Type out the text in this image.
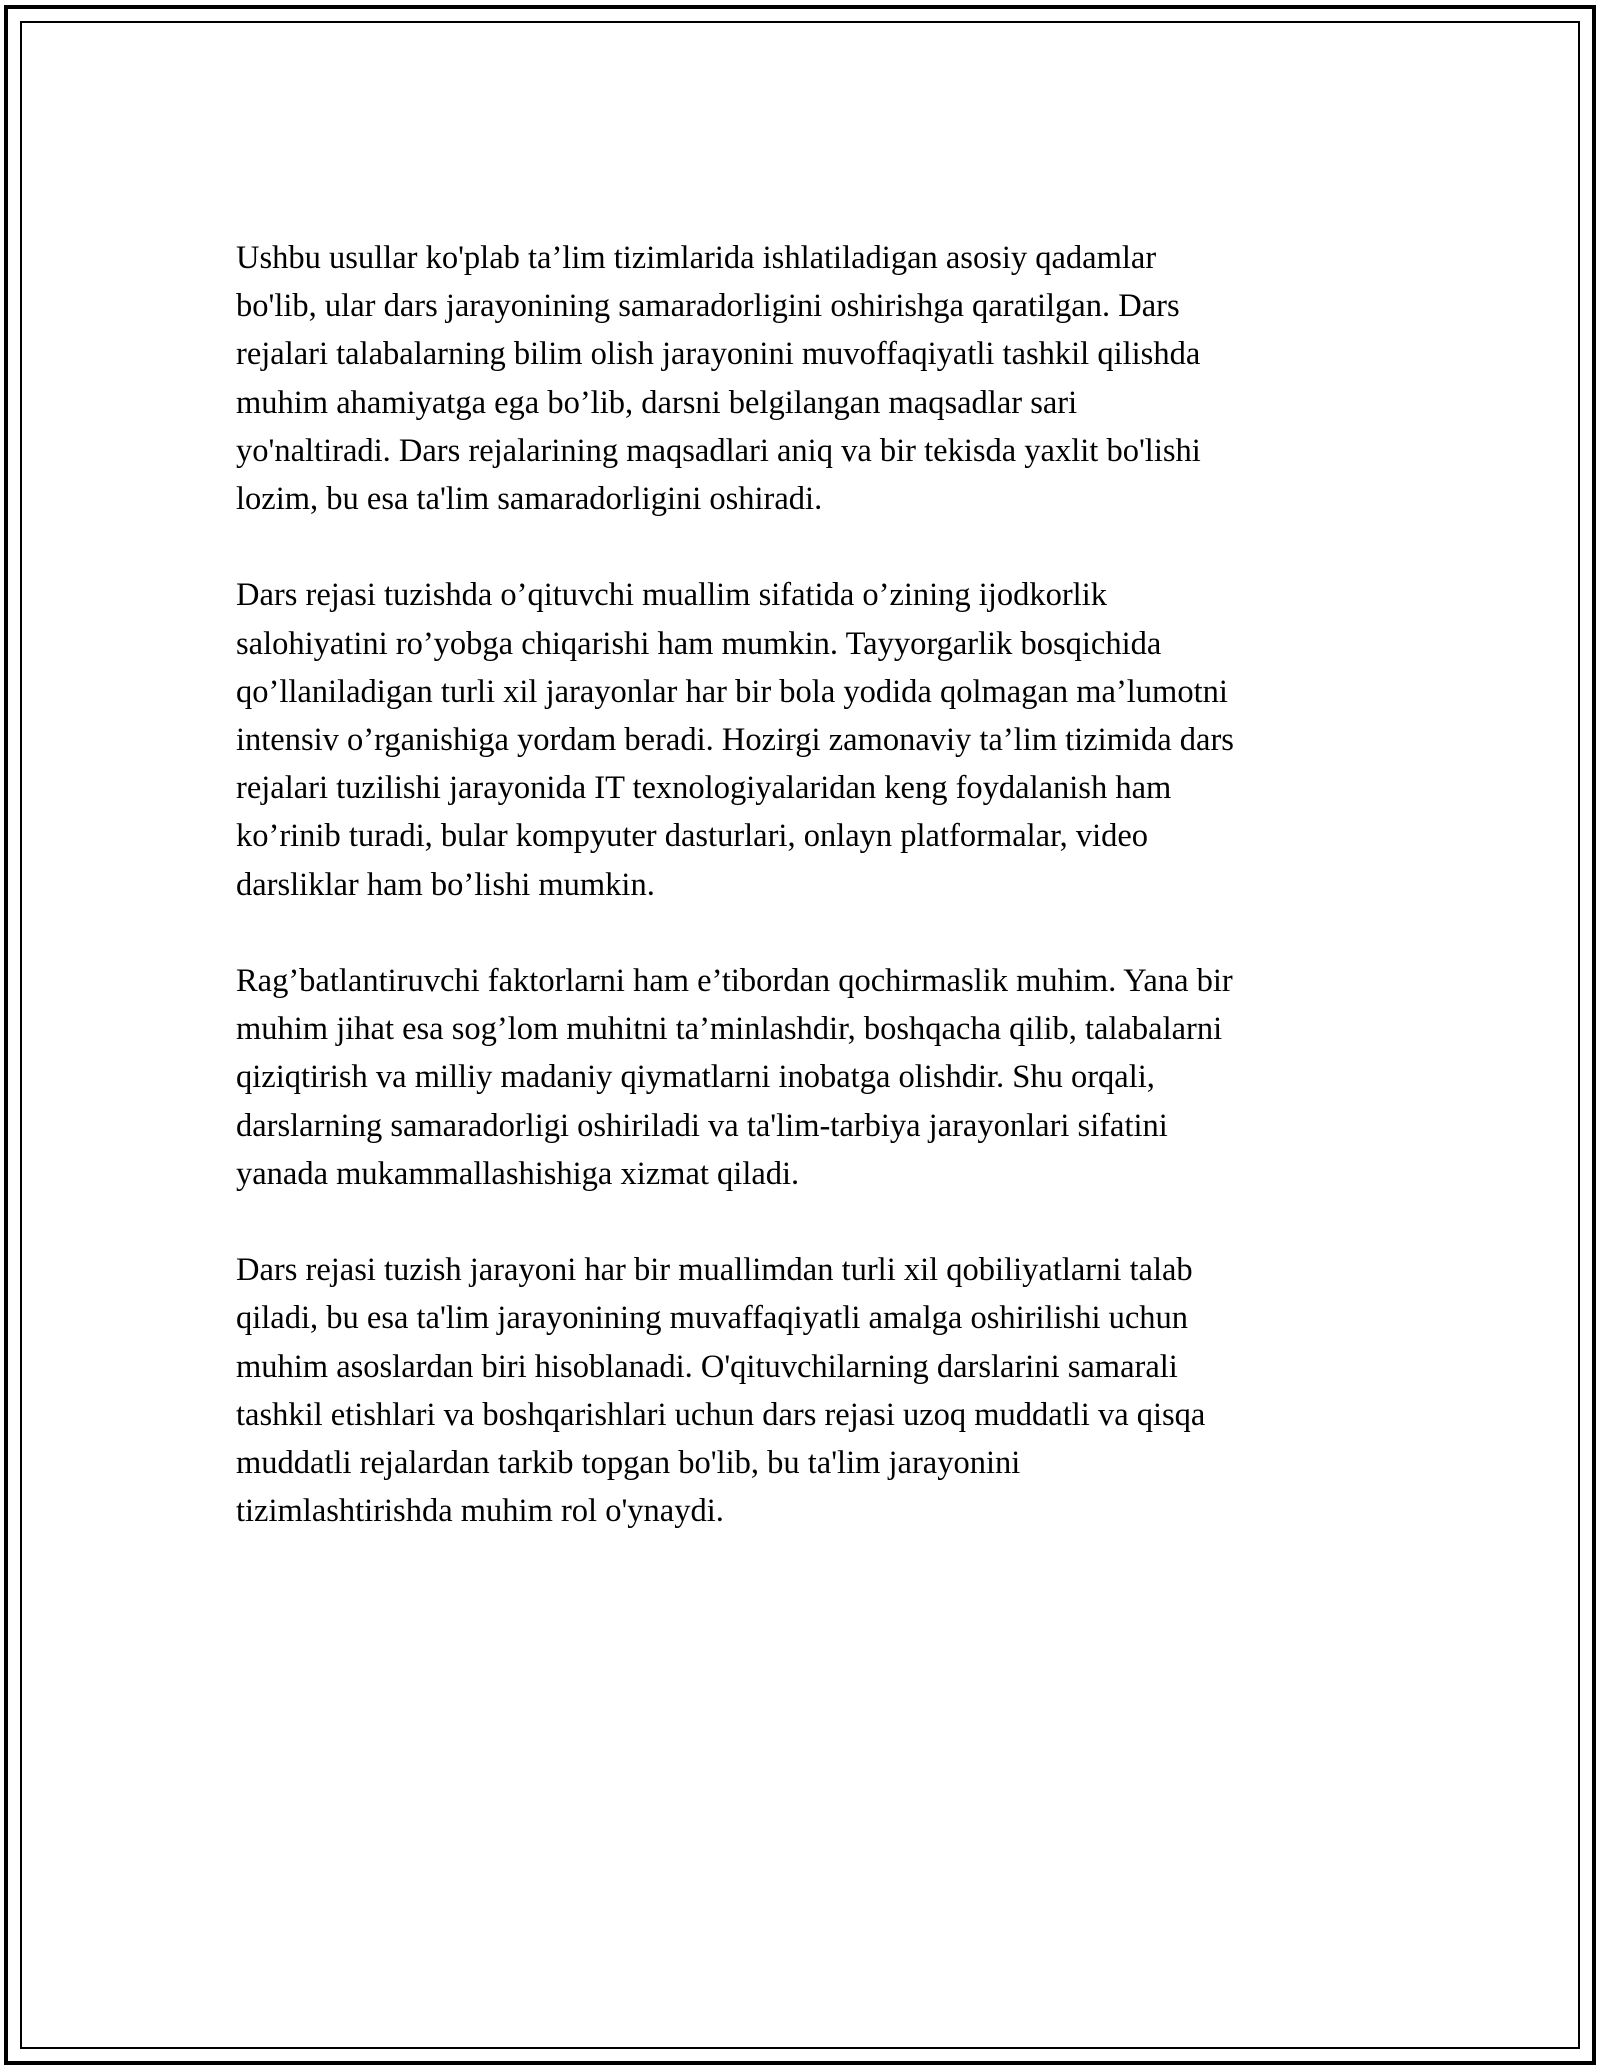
Ushbu usullar ko'plab ta’lim tizimlarida ishlatiladigan asosiy qadamlar
bo'lib, ular dars jarayonining samaradorligini oshirishga qaratilgan. Dars
rejalari talabalarning bilim olish jarayonini muvoffaqiyatli tashkil qilishda
muhim ahamiyatga ega bo’lib, darsni belgilangan maqsadlar sari
yo'naltiradi. Dars rejalarining maqsadlari aniq va bir tekisda yaxlit bo'lishi
lozim, bu esa ta'lim samaradorligini oshiradi.

Dars rejasi tuzishda o’qituvchi muallim sifatida o’zining ijodkorlik
salohiyatini ro’yobga chiqarishi ham mumkin. Tayyorgarlik bosqichida
qo’llaniladigan turli xil jarayonlar har bir bola yodida qolmagan ma’lumotni
intensiv o’rganishiga yordam beradi. Hozirgi zamonaviy ta’lim tizimida dars
rejalari tuzilishi jarayonida IT texnologiyalaridan keng foydalanish ham
ko’rinib turadi, bular kompyuter dasturlari, onlayn platformalar, video
darsliklar ham bo’lishi mumkin.

Rag’batlantiruvchi faktorlarni ham e’tibordan qochirmaslik muhim. Yana bir
muhim jihat esa sog’lom muhitni ta’minlashdir, boshqacha qilib, talabalarni
qiziqtirish va milliy madaniy qiymatlarni inobatga olishdir. Shu orqali,
darslarning samaradorligi oshiriladi va ta'lim-tarbiya jarayonlari sifatini
yanada mukammallashishiga xizmat qiladi.

Dars rejasi tuzish jarayoni har bir muallimdan turli xil qobiliyatlarni talab
qiladi, bu esa ta'lim jarayonining muvaffaqiyatli amalga oshirilishi uchun
muhim asoslardan biri hisoblanadi. O'qituvchilarning darslarini samarali
tashkil etishlari va boshqarishlari uchun dars rejasi uzoq muddatli va qisqa
muddatli rejalardan tarkib topgan bo'lib, bu ta'lim jarayonini
tizimlashtirishda muhim rol o'ynaydi.
